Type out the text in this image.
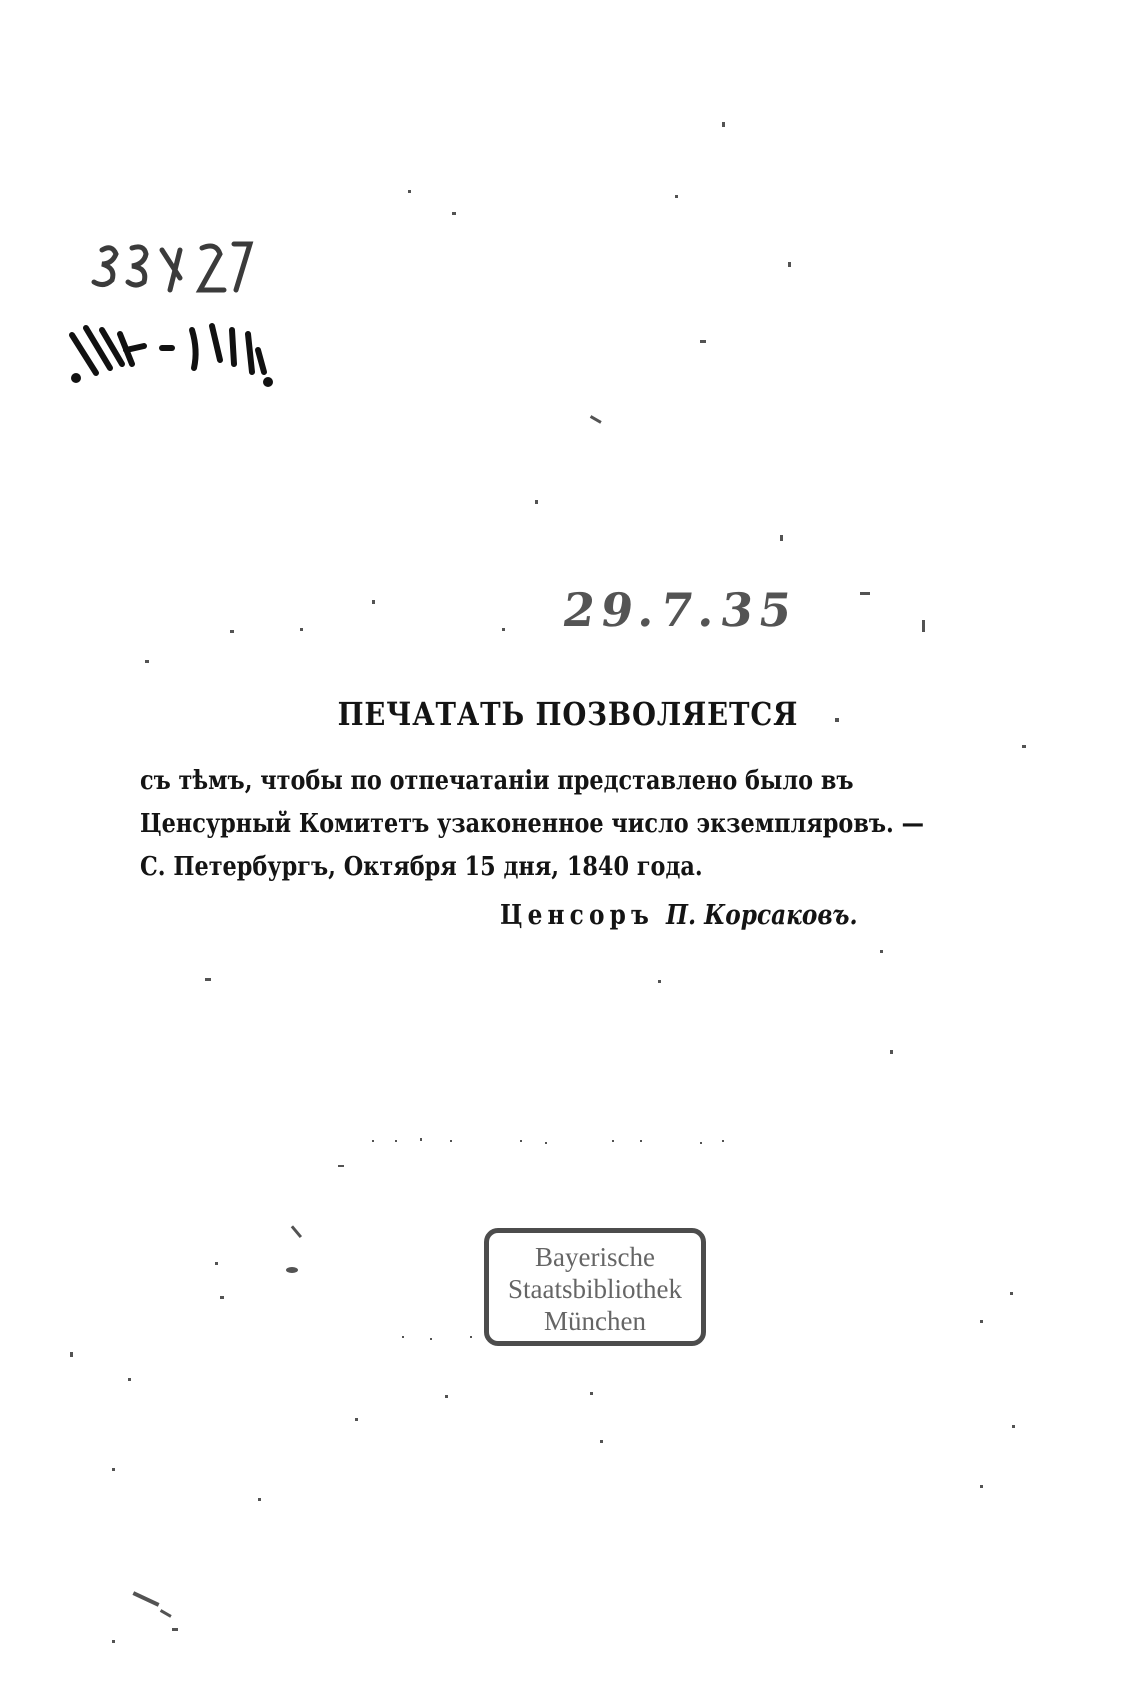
29.7.35
ПЕЧАТАТЬ ПОЗВОЛЯЕТСЯ

съ тѣмъ, чтобы по отпечатаніи представлено было въ
Ценсурный Комитетъ узаконенное число экземпляровъ. —
С. Петербургъ, Октября 15 дня, 1840 года.

Ценсоръ П. Корсаковъ.

Bayerische
Staatsbibliothek
München
